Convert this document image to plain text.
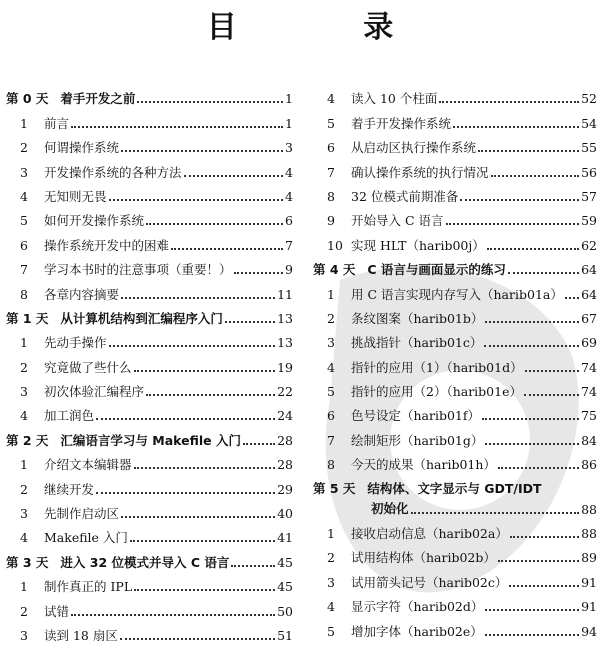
目 录
第 0 天 着手开发之前	1
1	前言	1
2	何谓操作系统	3
3	开发操作系统的各种方法	4
4	无知则无畏	4
5	如何开发操作系统	6
6	操作系统开发中的困难	7
7	学习本书时的注意事项（重要！）	9
8	各章内容摘要	11
第 1 天 从计算机结构到汇编程序入门	13
1	先动手操作	13
2	究竟做了些什么	19
3	初次体验汇编程序	22
4	加工润色	24
第 2 天 汇编语言学习与 Makefile 入门	28
1	介绍文本编辑器	28
2	继续开发	29
3	先制作启动区	40
4	Makefile 入门	41
第 3 天 进入 32 位模式并导入 C 语言	45
1	制作真正的 IPL	45
2	试错	50
3	读到 18 扇区	51
4	读入 10 个柱面	52
5	着手开发操作系统	54
6	从启动区执行操作系统	55
7	确认操作系统的执行情况	56
8	32 位模式前期准备	57
9	开始导入 C 语言	59
10 实现 HLT（harib00j）	62
第 4 天 C 语言与画面显示的练习	64
1	用 C 语言实现内存写入（harib01a） 64
2	条纹图案（harib01b）	67
3	挑战指针（harib01c）	69
4	指针的应用（1）（harib01d）	74
5	指针的应用（2）（harib01e）	74
6	色号设定（harib01f）	75
7	绘制矩形（harib01g）	84
8	今天的成果（harib01h）	86
第 5 天 结构体、文字显示与 GDT/IDT
初始化	88
1	接收启动信息（harib02a）	88
2	试用结构体（harib02b）	89
3	试用箭头记号（harib02c）	91
4	显示字符（harib02d）	91
5	增加字体（harib02e）	94
